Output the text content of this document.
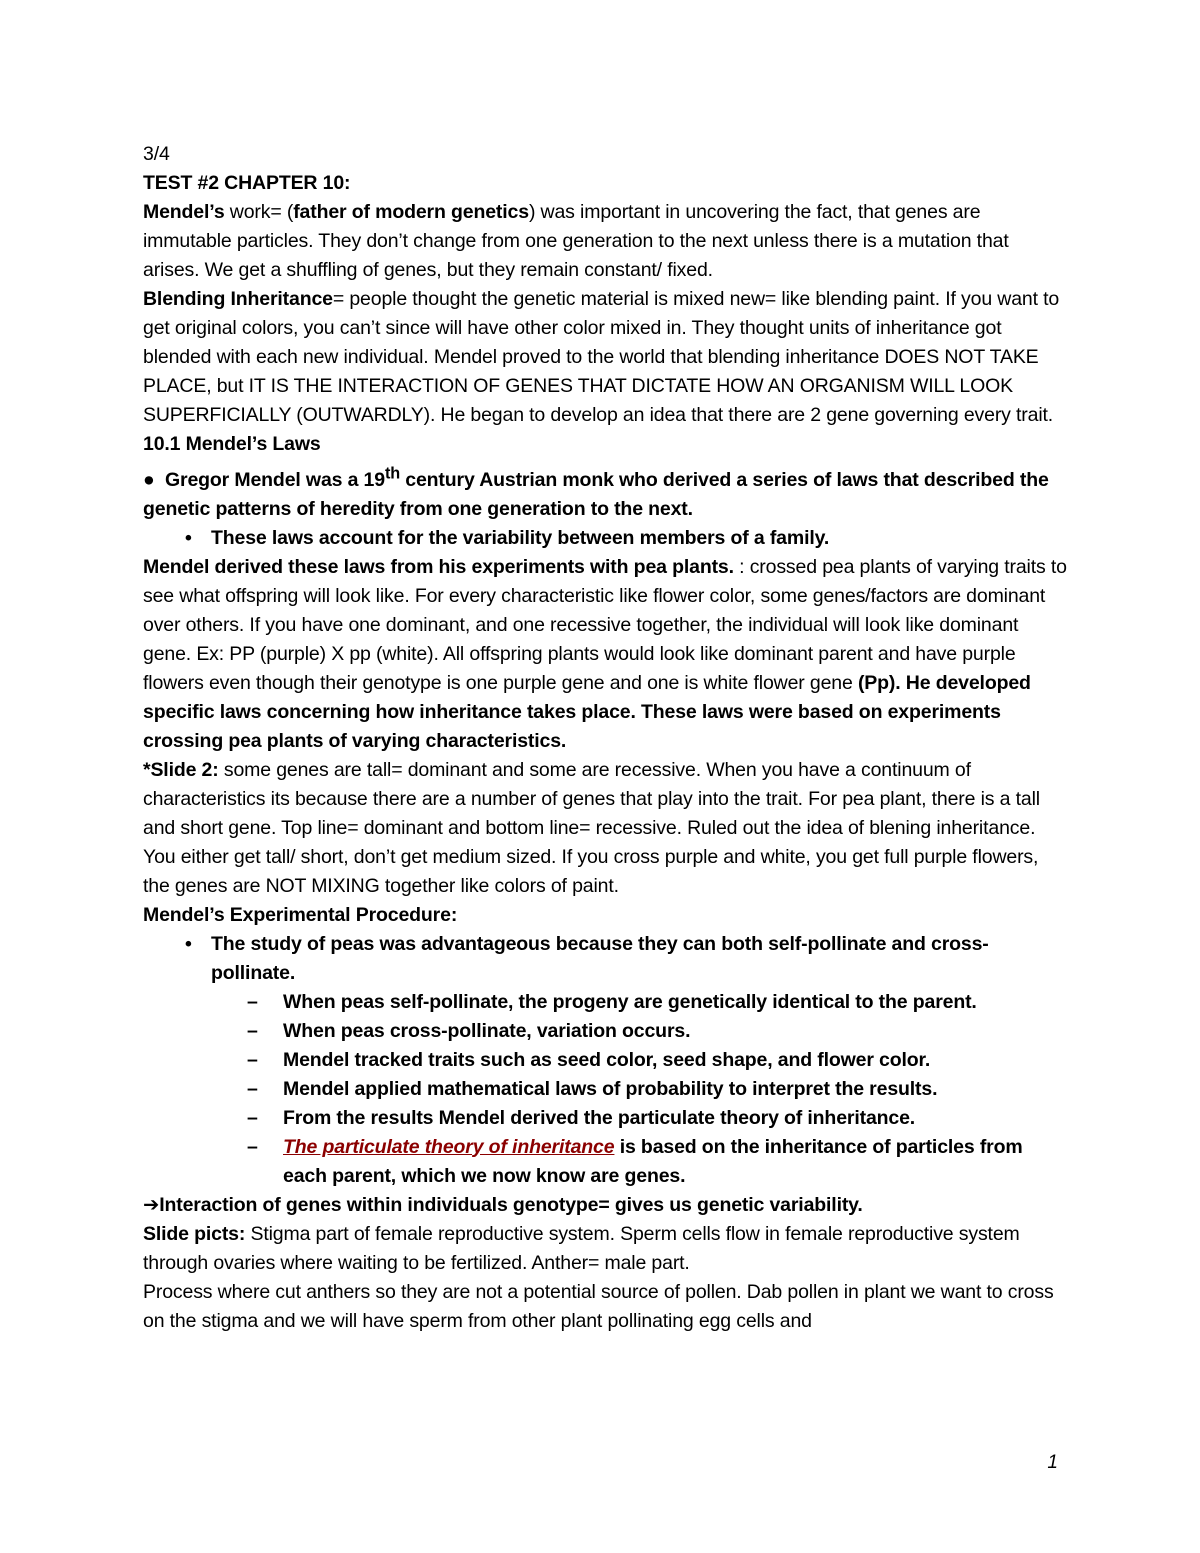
3/4

TEST #2 CHAPTER 10:

Mendel’s work= (father of modern genetics) was important in uncovering the fact, that genes are immutable particles. They don’t change from one generation to the next unless there is a mutation that arises. We get a shuffling of genes, but they remain constant/ fixed.

Blending Inheritance= people thought the genetic material is mixed new= like blending paint. If you want to get original colors, you can’t since will have other color mixed in. They thought units of inheritance got blended with each new individual. Mendel proved to the world that blending inheritance DOES NOT TAKE PLACE, but IT IS THE INTERACTION OF GENES THAT DICTATE HOW AN ORGANISM WILL LOOK SUPERFICIALLY (OUTWARDLY). He began to develop an idea that there are 2 gene governing every trait.

10.1 Mendel’s Laws

● Gregor Mendel was a 19th century Austrian monk who derived a series of laws that described the genetic patterns of heredity from one generation to the next.

• These laws account for the variability between members of a family.

Mendel derived these laws from his experiments with pea plants. : crossed pea plants of varying traits to see what offspring will look like. For every characteristic like flower color, some genes/factors are dominant over others. If you have one dominant, and one recessive together, the individual will look like dominant gene. Ex: PP (purple) X pp (white). All offspring plants would look like dominant parent and have purple flowers even though their genotype is one purple gene and one is white flower gene (Pp). He developed specific laws concerning how inheritance takes place. These laws were based on experiments crossing pea plants of varying characteristics.

*Slide 2: some genes are tall= dominant and some are recessive. When you have a continuum of characteristics its because there are a number of genes that play into the trait. For pea plant, there is a tall and short gene. Top line= dominant and bottom line= recessive. Ruled out the idea of blening inheritance. You either get tall/ short, don’t get medium sized. If you cross purple and white, you get full purple flowers, the genes are NOT MIXING together like colors of paint.

Mendel’s Experimental Procedure:

• The study of peas was advantageous because they can both self-pollinate and cross-pollinate.

– When peas self-pollinate, the progeny are genetically identical to the parent.

– When peas cross-pollinate, variation occurs.

– Mendel tracked traits such as seed color, seed shape, and flower color.

– Mendel applied mathematical laws of probability to interpret the results.

– From the results Mendel derived the particulate theory of inheritance.

– The particulate theory of inheritance is based on the inheritance of particles from each parent, which we now know are genes.

➔Interaction of genes within individuals genotype= gives us genetic variability.

Slide picts: Stigma part of female reproductive system. Sperm cells flow in female reproductive system through ovaries where waiting to be fertilized. Anther= male part.

Process where cut anthers so they are not a potential source of pollen. Dab pollen in plant we want to cross on the stigma and we will have sperm from other plant pollinating egg cells and

1
